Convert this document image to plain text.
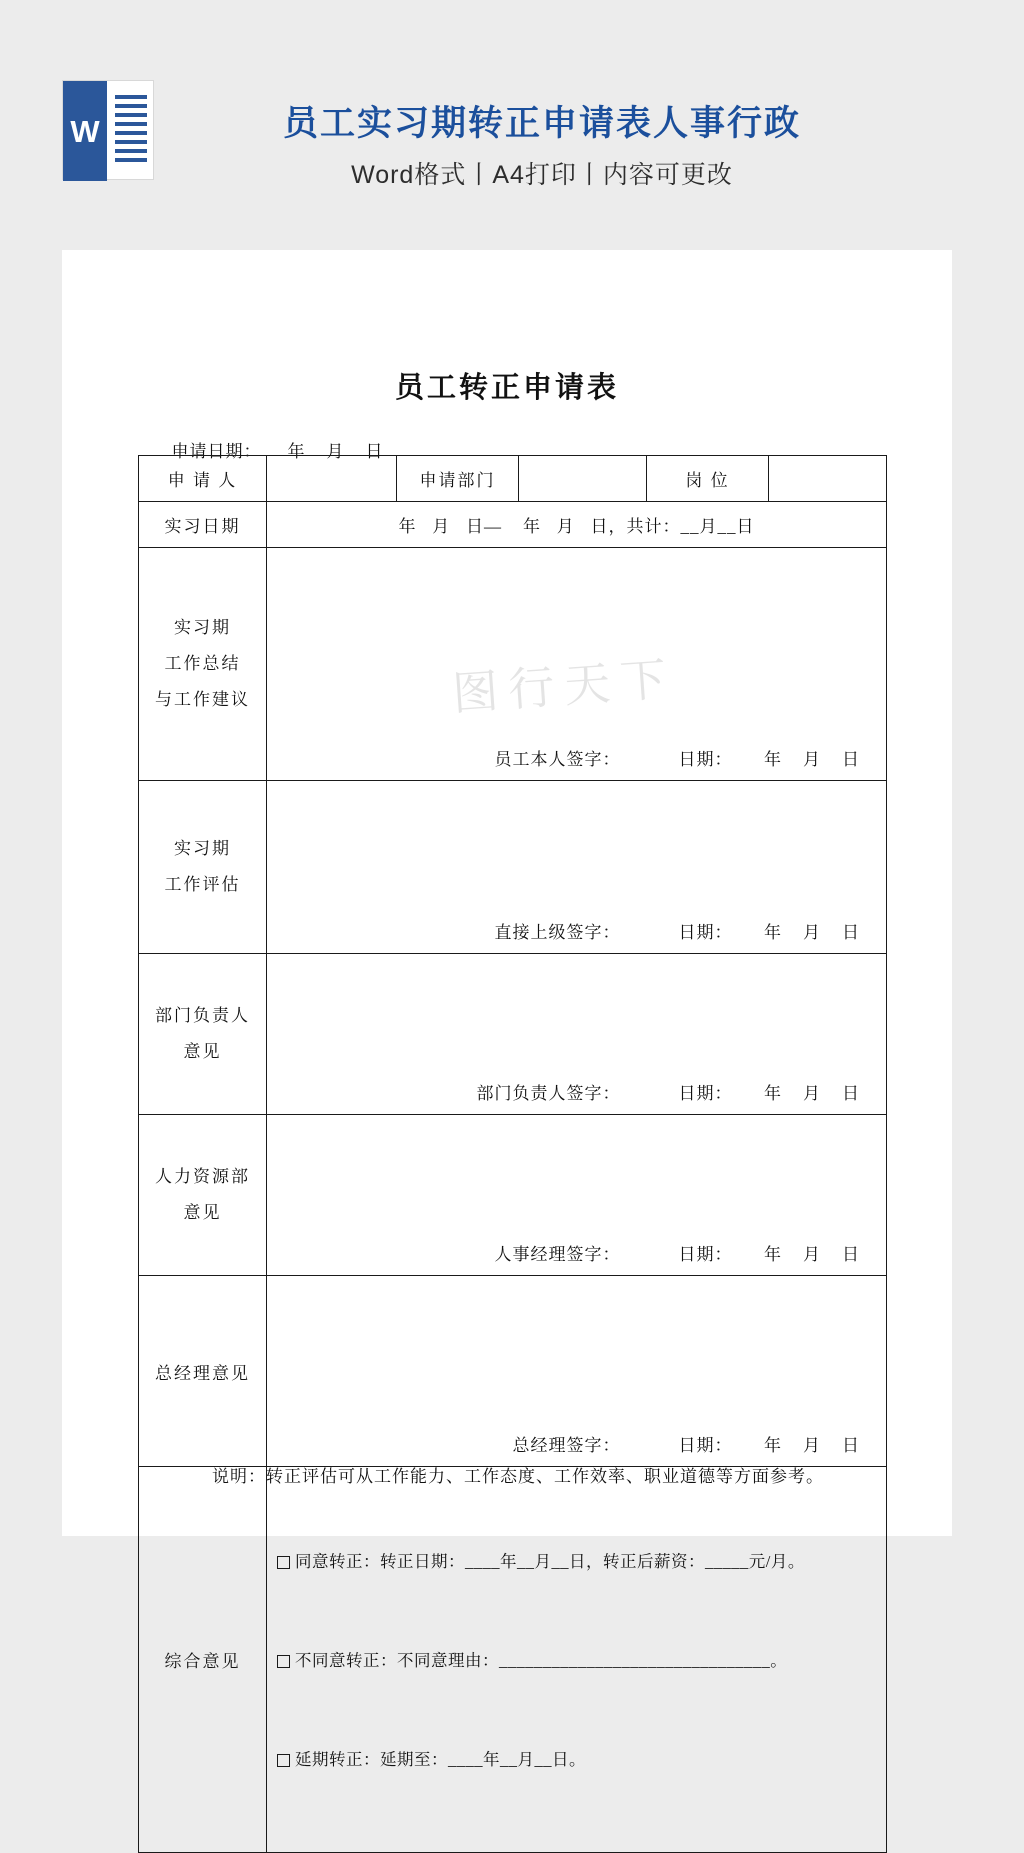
W	员工实习期转正申请表人事行政
Word格式丨A4打印丨内容可更改
员工转正申请表

申请日期： 年    月    日

图行天下
申 请 人		申请部门		岗 位	
实习日期	年   月   日—    年   月   日，共计：__月__日				

实习期
工作总结
与工作建议	员工本人签字： 日期：      年    月    日				

实习期
工作评估	直接上级签字： 日期：      年    月    日				

部门负责人
意见	部门负责人签字： 日期：      年    月    日				

人力资源部
意见	人事经理签字： 日期：      年    月    日				

总经理意见	总经理签字： 日期：      年    月    日				

综合意见	同意转正：转正日期：____年__月__日，转正后薪资：_____元/月。

不同意转正：不同意理由：_______________________________。

延期转正：延期至：____年__月__日。				

说明：转正评估可从工作能力、工作态度、工作效率、职业道德等方面参考。
